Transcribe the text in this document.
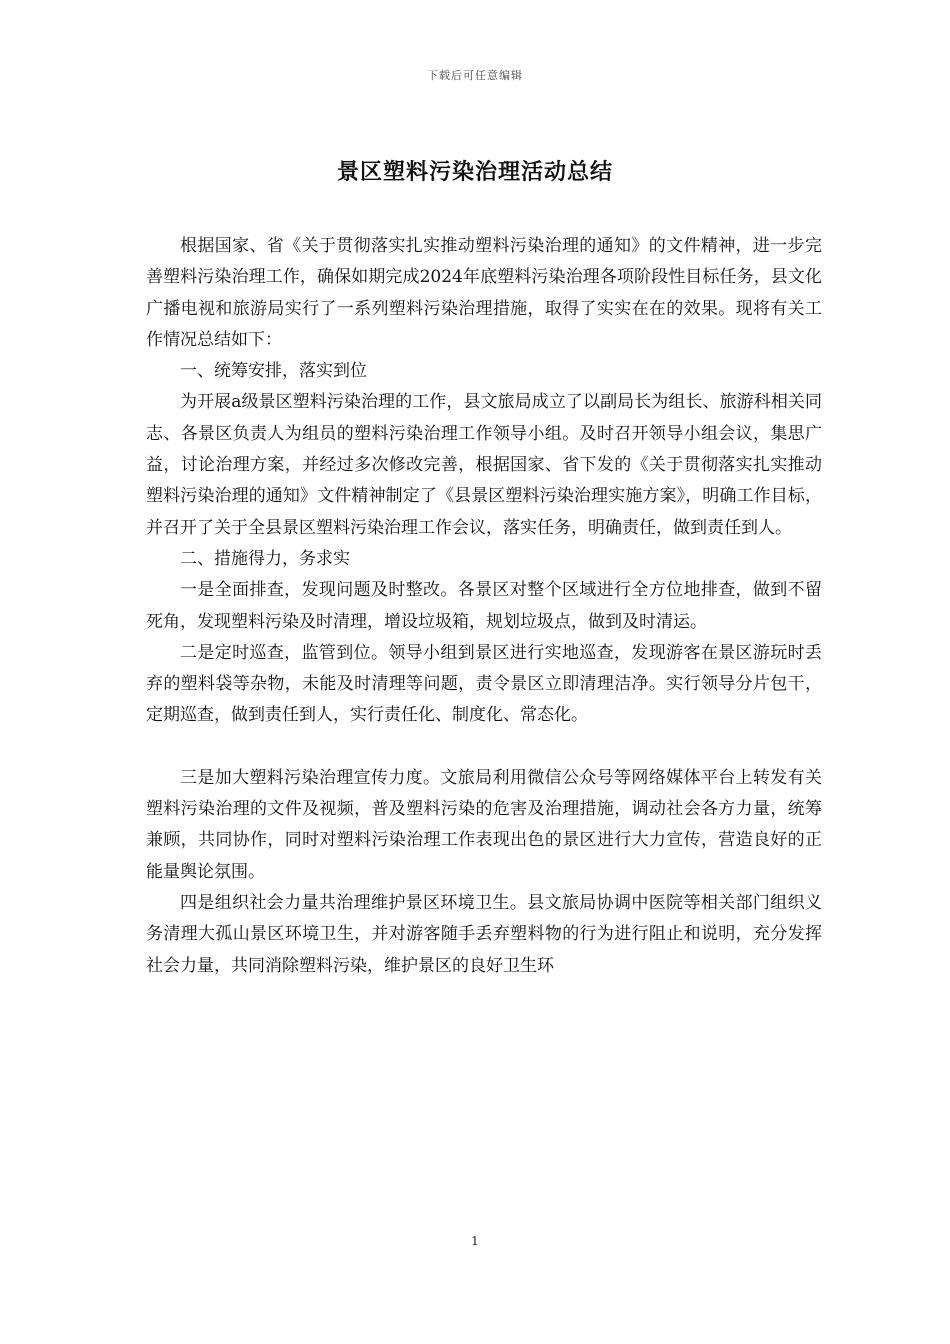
下载后可任意编辑
景区塑料污染治理活动总结

根据国家、省《关于贯彻落实扎实推动塑料污染治理的通知》的文件精神，进一步完善塑料污染治理工作，确保如期完成2024年底塑料污染治理各项阶段性目标任务，县文化广播电视和旅游局实行了一系列塑料污染治理措施，取得了实实在在的效果。现将有关工作情况总结如下：

一、统筹安排，落实到位

为开展a级景区塑料污染治理的工作，县文旅局成立了以副局长为组长、旅游科相关同志、各景区负责人为组员的塑料污染治理工作领导小组。及时召开领导小组会议，集思广益，讨论治理方案，并经过多次修改完善，根据国家、省下发的《关于贯彻落实扎实推动塑料污染治理的通知》文件精神制定了《县景区塑料污染治理实施方案》，明确工作目标，并召开了关于全县景区塑料污染治理工作会议，落实任务，明确责任，做到责任到人。

二、措施得力，务求实

一是全面排查，发现问题及时整改。各景区对整个区域进行全方位地排查，做到不留死角，发现塑料污染及时清理，增设垃圾箱，规划垃圾点，做到及时清运。

二是定时巡查，监管到位。领导小组到景区进行实地巡查，发现游客在景区游玩时丢弃的塑料袋等杂物，未能及时清理等问题，责令景区立即清理洁净。实行领导分片包干，定期巡查，做到责任到人，实行责任化、制度化、常态化。

三是加大塑料污染治理宣传力度。文旅局利用微信公众号等网络媒体平台上转发有关塑料污染治理的文件及视频，普及塑料污染的危害及治理措施，调动社会各方力量，统筹兼顾，共同协作，同时对塑料污染治理工作表现出色的景区进行大力宣传，营造良好的正能量舆论氛围。

四是组织社会力量共治理维护景区环境卫生。县文旅局协调中医院等相关部门组织义务清理大孤山景区环境卫生，并对游客随手丢弃塑料物的行为进行阻止和说明，充分发挥社会力量，共同消除塑料污染，维护景区的良好卫生环

1
